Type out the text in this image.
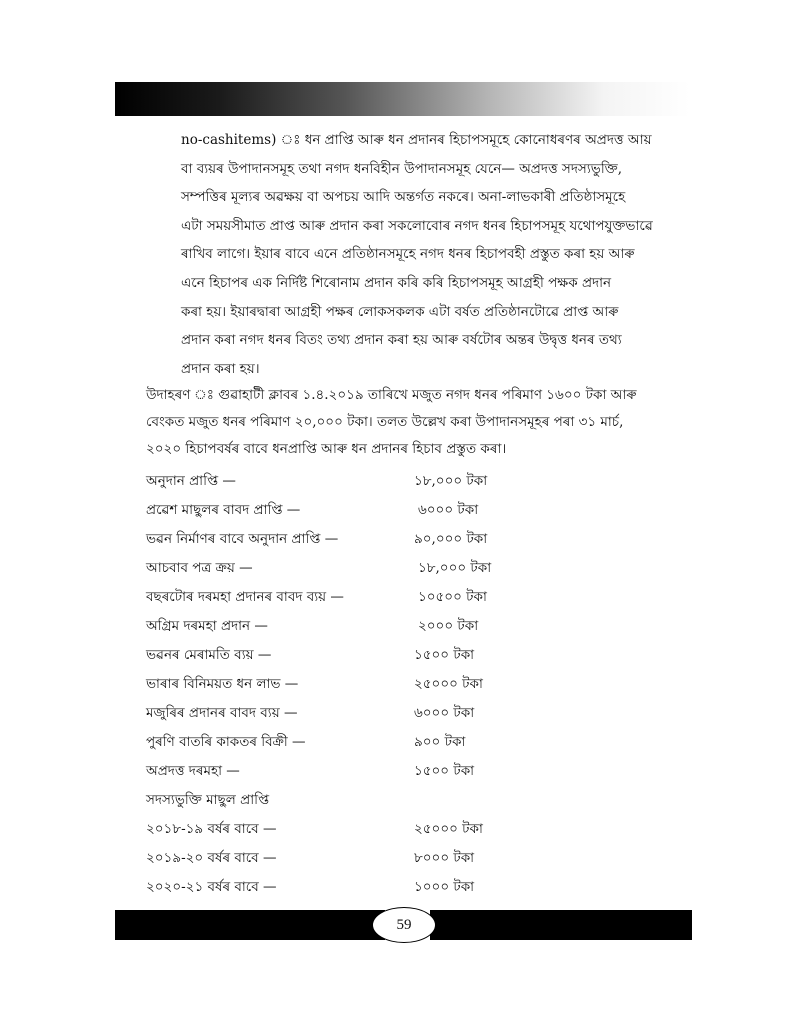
no-cashitems) ঃ ধন প্ৰাপ্তি আৰু ধন প্ৰদানৰ হিচাপসমূহে কোনোধৰণৰ অপ্ৰদত্ত আয়
বা ব্যয়ৰ উপাদানসমূহ তথা নগদ ধনবিহীন উপাদানসমূহ যেনে— অপ্ৰদত্ত সদস্যভুক্তি,
সম্পত্তিৰ মূল্যৰ অৱক্ষয় বা অপচয় আদি অন্তৰ্গত নকৰে। অনা-লাভকাৰী প্ৰতিষ্ঠাসমূহে
এটা সময়সীমাত প্ৰাপ্ত আৰু প্ৰদান কৰা সকলোবোৰ নগদ ধনৰ হিচাপসমূহ যথোপযুক্তভাৱে
ৰাখিব লাগে। ইয়াৰ বাবে এনে প্ৰতিষ্ঠানসমূহে নগদ ধনৰ হিচাপবহী প্ৰস্তুত কৰা হয় আৰু
এনে হিচাপৰ এক নিৰ্দিষ্ট শিৰোনাম প্ৰদান কৰি কৰি হিচাপসমূহ আগ্ৰহী পক্ষক প্ৰদান
কৰা হয়। ইয়াৰদ্বাৰা আগ্ৰহী পক্ষৰ লোকসকলক এটা বৰ্ষত প্ৰতিষ্ঠানটোৱে প্ৰাপ্ত আৰু
প্ৰদান কৰা নগদ ধনৰ বিতং তথ্য প্ৰদান কৰা হয় আৰু বৰ্ষটোৰ অন্তৰ উদ্বৃত্ত ধনৰ তথ্য
প্ৰদান কৰা হয়।
উদাহৰণ ঃ গুৱাহাটী ক্লাবৰ ১.৪.২০১৯ তাৰিখে মজুত নগদ ধনৰ পৰিমাণ ১৬০০ টকা আৰু
বেংকত মজুত ধনৰ পৰিমাণ ২০,০০০ টকা। তলত উল্লেখ কৰা উপাদানসমূহৰ পৰা ৩১ মাৰ্চ,
২০২০ হিচাপবৰ্ষৰ বাবে ধনপ্ৰাপ্তি আৰু ধন প্ৰদানৰ হিচাব প্ৰস্তুত কৰা।
অনুদান প্ৰাপ্তি —	১৮,০০০ টকা
প্ৰৱেশ মাছুলৰ বাবদ প্ৰাপ্তি —	৬০০০ টকা
ভৱন নিৰ্মাণৰ বাবে অনুদান প্ৰাপ্তি —	৯০,০০০ টকা
আচবাব পত্ৰ ক্ৰয় —	১৮,০০০ টকা
বছৰটোৰ দৰমহা প্ৰদানৰ বাবদ ব্যয় —	১০৫০০ টকা
অগ্ৰিম দৰমহা প্ৰদান —	২০০০ টকা
ভৱনৰ মেৰামতি ব্যয় —	১৫০০ টকা
ভাৰাৰ বিনিময়ত ধন লাভ —	২৫০০০ টকা
মজুৰিৰ প্ৰদানৰ বাবদ ব্যয় —	৬০০০ টকা
পুৰণি বাতৰি কাকতৰ বিক্ৰী —	৯০০ টকা
অপ্ৰদত্ত দৰমহা —	১৫০০ টকা
সদস্যভুক্তি মাছুল প্ৰাপ্তি
২০১৮-১৯ বৰ্ষৰ বাবে —	২৫০০০ টকা
২০১৯-২০ বৰ্ষৰ বাবে —	৮০০০ টকা
২০২০-২১ বৰ্ষৰ বাবে —	১০০০ টকা
59
